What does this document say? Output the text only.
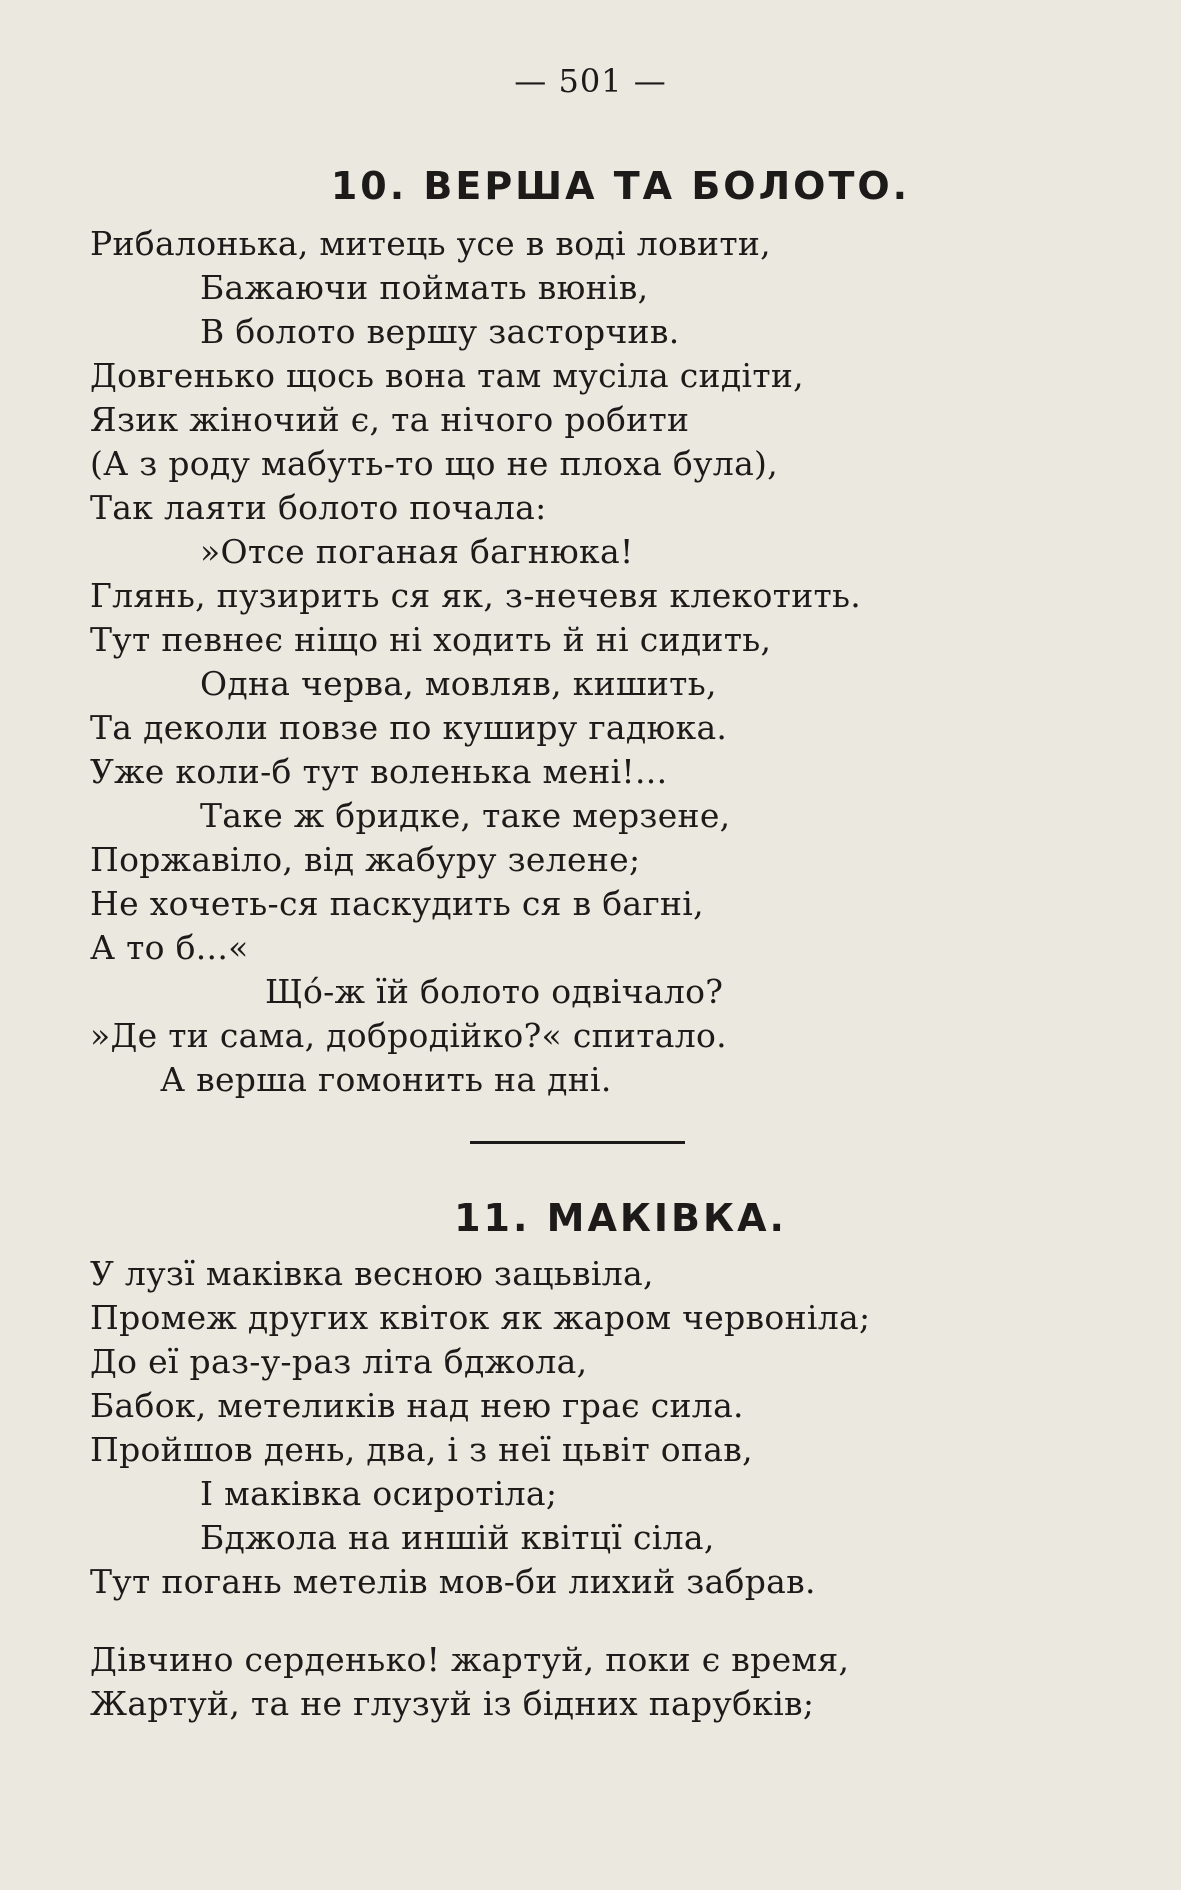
— 501 —
10. ВЕРША ТА БОЛОТО.
Рибалонька, митець усе в воді ловити,
Бажаючи поймать вюнів,
В болото вершу засторчив.
Довгенько щось вона там мусіла сидіти,
Язик жіночий є, та нічого робити
(А з роду мабуть-то що не плоха була),
Так лаяти болото почала:
»Отсе поганая багнюка!
Глянь, пузирить ся як, з-нечевя клекотить.
Тут певнеє ніщо ні ходить й ні сидить,
Одна черва, мовляв, кишить,
Та деколи повзе по куширу гадюка.
Уже коли-б тут воленька мені!...
Таке ж бридке, таке мерзене,
Поржавіло, від жабуру зелене;
Не хочеть-ся паскудить ся в багні,
А то б...«
Щó-ж їй болото одвічало?
»Де ти сама, добродійко?« спитало.
А верша гомонить на дні.
11. МАКІВКА.
У лузї маківка весною зацьвіла,
Промеж других квіток як жаром червоніла;
До еї раз-у-раз літа бджола,
Бабок, метеликів над нею грає сила.
Пройшов день, два, і з неї цьвіт опав,
І маківка осиротіла;
Бджола на иншій квітцї сіла,
Тут погань метелів мов-би лихий забрав.
Дівчино серденько! жартуй, поки є время,
Жартуй, та не глузуй із бідних парубків;
